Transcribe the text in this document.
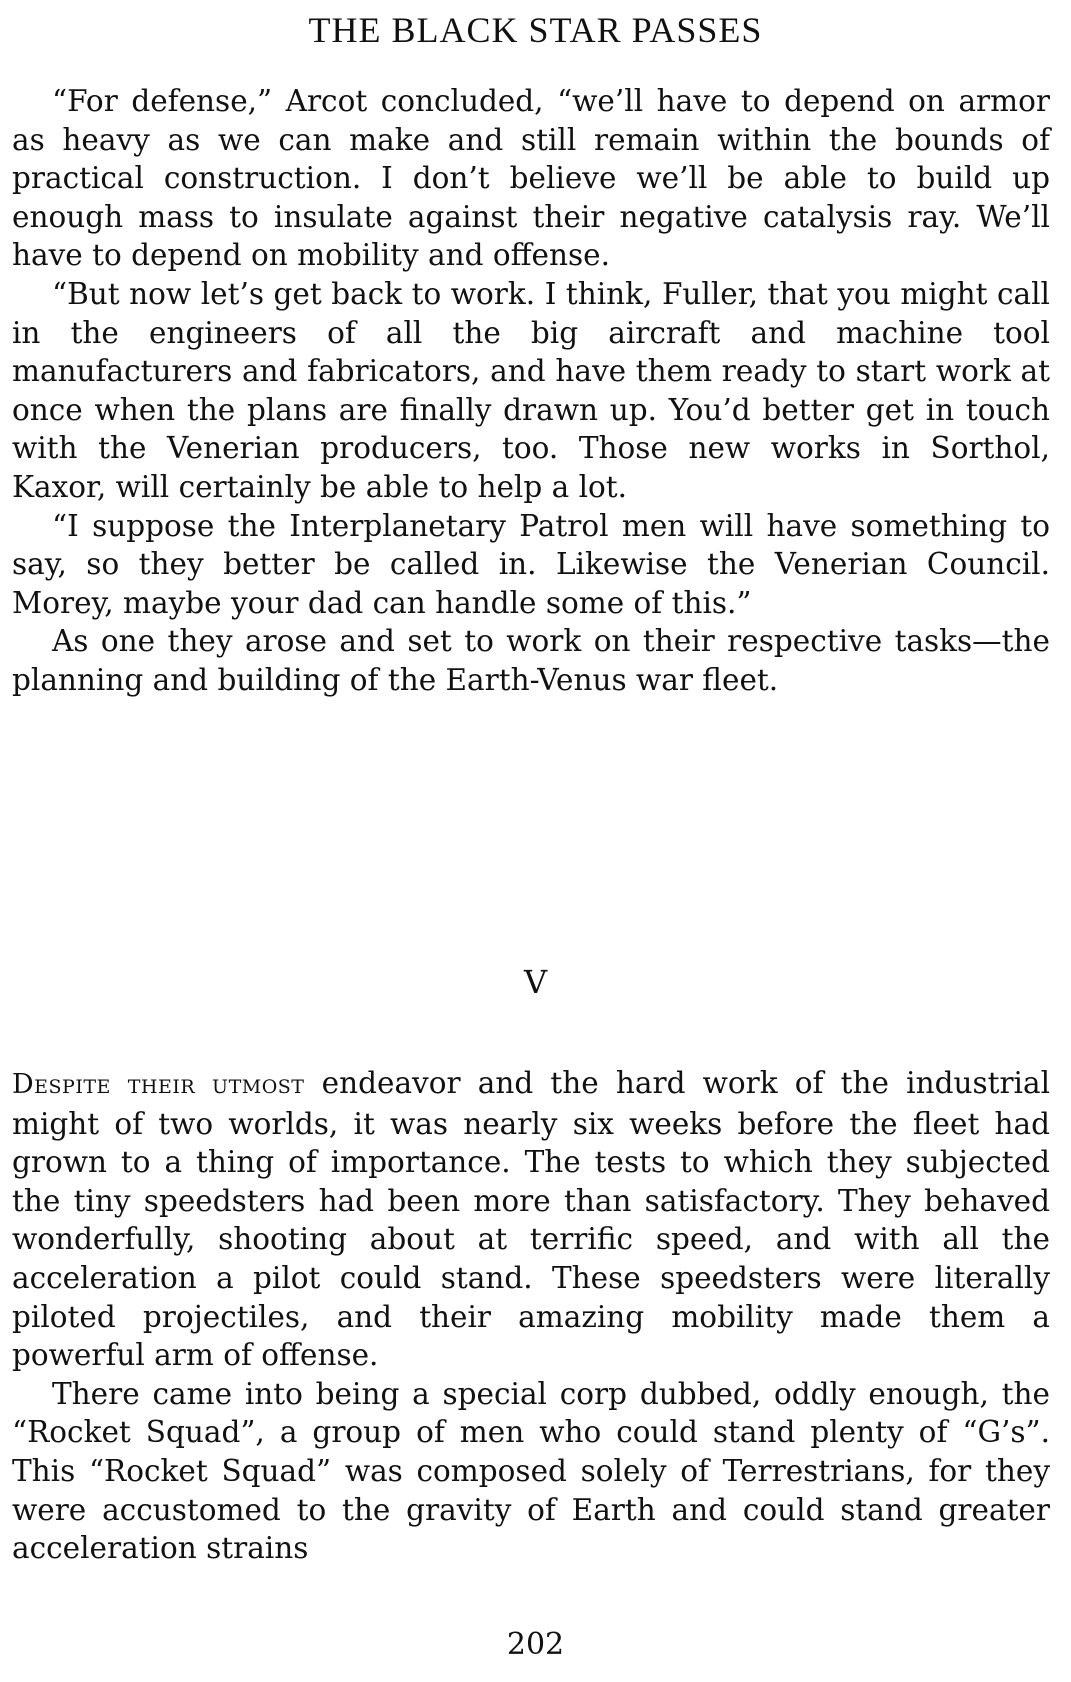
THE BLACK STAR PASSES

“For defense,” Arcot concluded, “we’ll have to depend on armor as heavy as we can make and still remain within the bounds of practical construction. I don’t believe we’ll be able to build up enough mass to insulate against their negative catalysis ray. We’ll have to depend on mobility and offense.

“But now let’s get back to work. I think, Fuller, that you might call in the engineers of all the big aircraft and machine tool manufacturers and fabricators, and have them ready to start work at once when the plans are finally drawn up. You’d better get in touch with the Venerian producers, too. Those new works in Sorthol, Kaxor, will certainly be able to help a lot.

“I suppose the Interplanetary Patrol men will have something to say, so they better be called in. Likewise the Venerian Council. Morey, maybe your dad can handle some of this.”

As one they arose and set to work on their respective tasks—the planning and building of the Earth-Venus war fleet.

V

Despite their utmost endeavor and the hard work of the industrial might of two worlds, it was nearly six weeks before the fleet had grown to a thing of importance. The tests to which they subjected the tiny speedsters had been more than satisfactory. They behaved wonderfully, shooting about at terrific speed, and with all the acceleration a pilot could stand. These speedsters were literally piloted projectiles, and their amazing mobility made them a powerful arm of offense.

There came into being a special corp dubbed, oddly enough, the “Rocket Squad”, a group of men who could stand plenty of “G’s”. This “Rocket Squad” was composed solely of Terrestrians, for they were accustomed to the gravity of Earth and could stand greater acceleration strains

202
